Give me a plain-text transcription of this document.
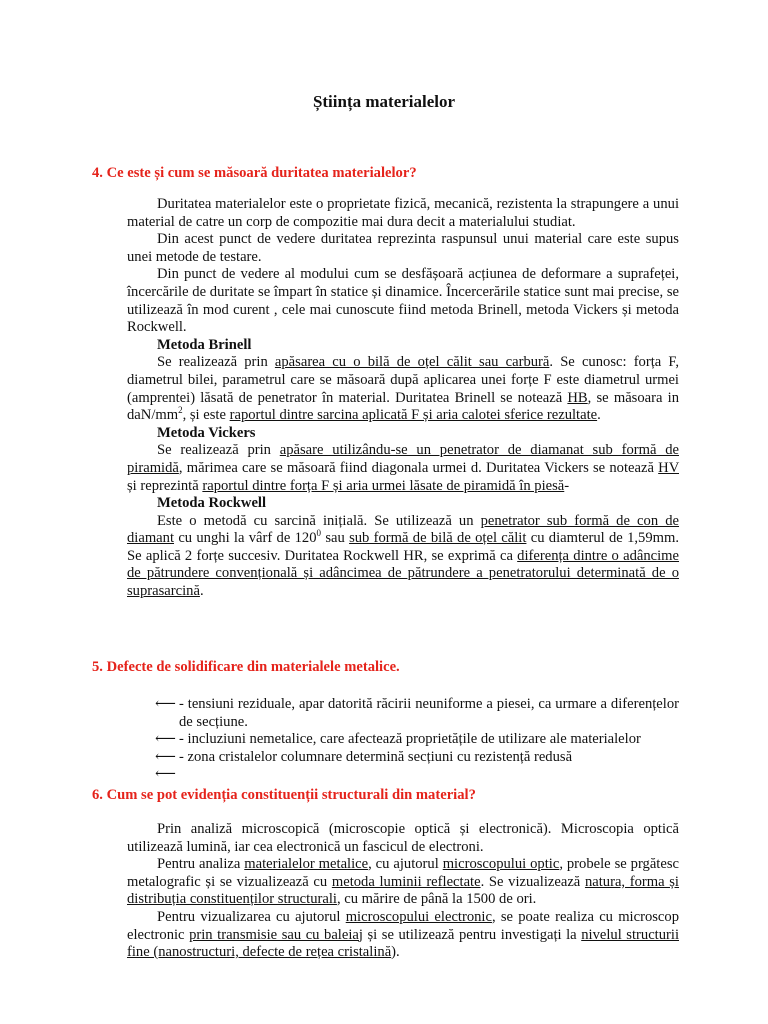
Știința materialelor
4. Ce este și cum se măsoară duritatea materialelor?

Duritatea materialelor este o proprietate fizică, mecanică, rezistenta la strapungere a unui material de catre un corp de compozitie mai dura decit a materialului studiat.

Din acest punct de vedere duritatea reprezinta raspunsul unui material care este supus unei metode de testare.

Din punct de vedere al modului cum se desfășoară acțiunea de deformare a suprafeței, încercările de duritate se împart în statice și dinamice. Încercerările statice sunt mai precise, se utilizează în mod curent , cele mai cunoscute fiind metoda Brinell, metoda Vickers și metoda Rockwell.

Metoda Brinell

Se realizează prin apăsarea cu o bilă de oțel călit sau carbură. Se cunosc: forța F, diametrul bilei, parametrul care se măsoară după aplicarea unei forțe F este diametrul urmei (amprentei) lăsată de penetrator în material. Duritatea Brinell se notează HB, se măsoara in daN/$mm^2$, și este raportul dintre sarcina aplicată F și aria calotei sferice rezultate.

Metoda Vickers

Se realizează prin apăsare utilizându-se un penetrator de diamanat sub formă de piramidă, mărimea care se măsoară fiind diagonala urmei d. Duritatea Vickers se notează HV și reprezintă raportul dintre forța F și aria urmei lăsate de piramidă în piesă-

Metoda Rockwell

Este o metodă cu sarcină inițială. Se utilizează un penetrator sub formă de con de diamant cu unghi la vârf de $120^0$ sau sub formă de bilă de oțel călit cu diamterul de 1,59mm. Se aplică 2 forțe succesiv. Duritatea Rockwell HR, se exprimă ca diferența dintre o adâncime de pătrundere convențională și adâncimea de pătrundere a penetratorului determinată de o suprasarcină.

5. Defecte de solidificare din materialele metalice.
⟵ - tensiuni reziduale, apar datorită răcirii neuniforme a piesei, ca urmare a diferențelor de secțiune.
⟵ - incluziuni nemetalice, care afectează proprietățile de utilizare ale materialelor
⟵ - zona cristalelor columnare determină secțiuni cu rezistență redusă
⟵
6. Cum se pot evidenția constituenții structurali din material?

Prin analiză microscopică (microscopie optică și electronică). Microscopia optică utilizează lumină, iar cea electronică un fascicul de electroni.

Pentru analiza materialelor metalice, cu ajutorul microscopului optic, probele se prgătesc metalografic și se vizualizează cu metoda luminii reflectate. Se vizualizează natura, forma și distribuția constituenților structurali, cu mărire de până la 1500 de ori.

Pentru vizualizarea cu ajutorul microscopului electronic, se poate realiza cu microscop electronic prin transmisie sau cu baleiaj și se utilizează pentru investigați la nivelul structurii fine (nanostructuri, defecte de rețea cristalină).
